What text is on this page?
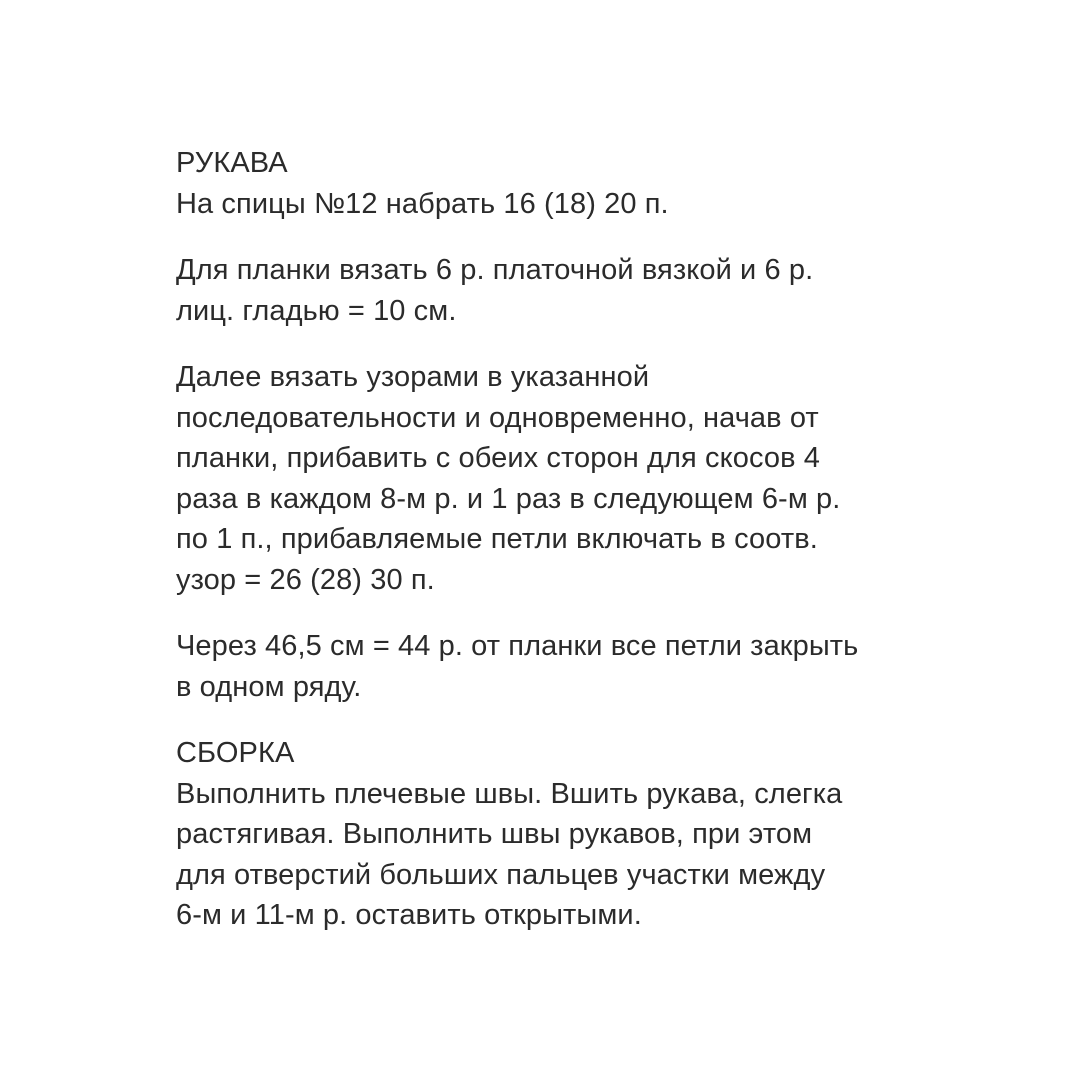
РУКАВА
На спицы №12 набрать 16 (18) 20 п.
Для планки вязать 6 р. платочной вязкой и 6 р.
лиц. гладью = 10 см.
Далее вязать узорами в указанной
последовательности и одновременно, начав от
планки, прибавить с обеих сторон для скосов 4
раза в каждом 8-м р. и 1 раз в следующем 6-м р.
по 1 п., прибавляемые петли включать в соотв.
узор = 26 (28) 30 п.
Через 46,5 см = 44 р. от планки все петли закрыть
в одном ряду.
СБОРКА
Выполнить плечевые швы. Вшить рукава, слегка
растягивая. Выполнить швы рукавов, при этом
для отверстий больших пальцев участки между
6-м и 11-м р. оставить открытыми.
